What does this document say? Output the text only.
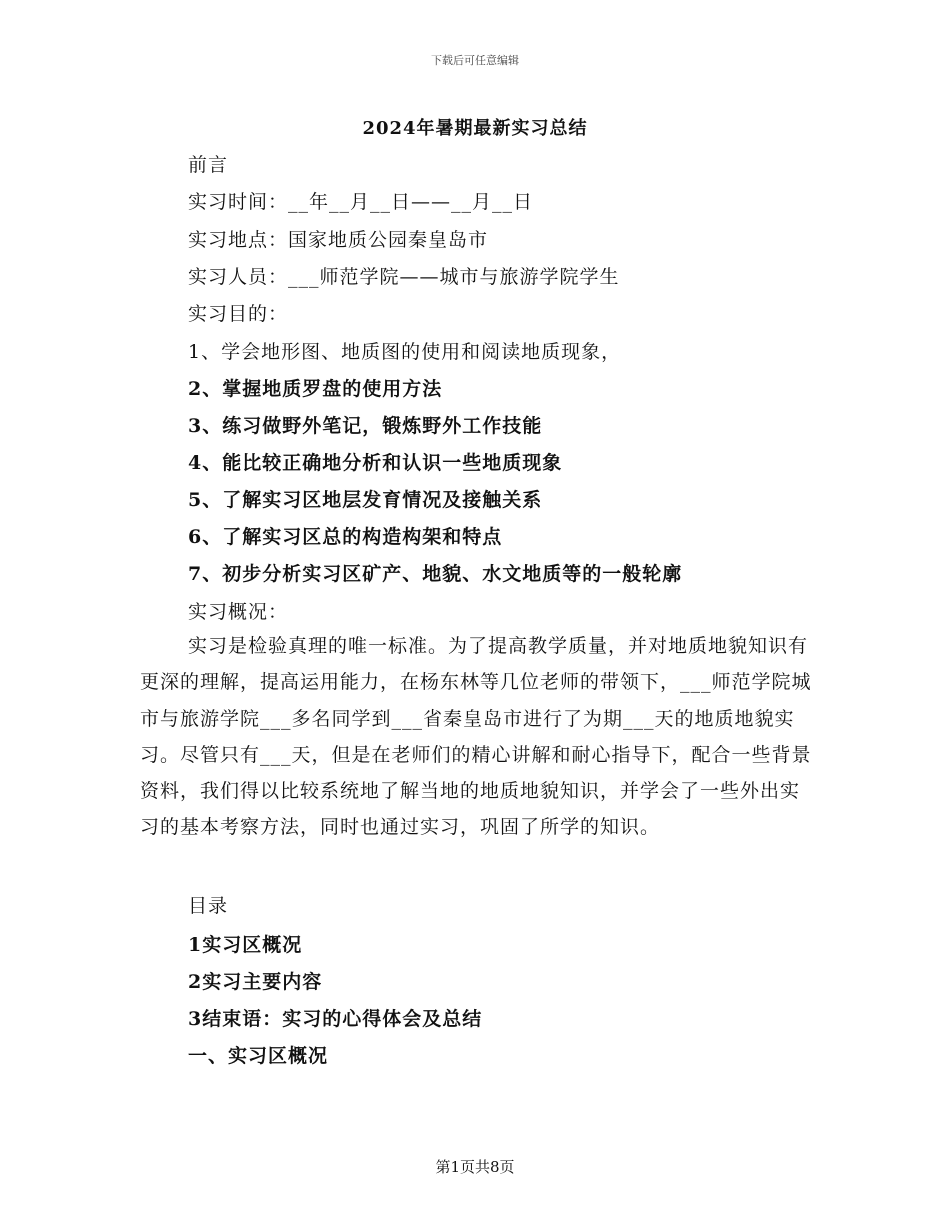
下载后可任意编辑
2024年暑期最新实习总结
前言
实习时间：__年__月__日——__月__日
实习地点：国家地质公园秦皇岛市
实习人员：___师范学院——城市与旅游学院学生
实习目的：
1、学会地形图、地质图的使用和阅读地质现象，
2、掌握地质罗盘的使用方法
3、练习做野外笔记，锻炼野外工作技能
4、能比较正确地分析和认识一些地质现象
5、了解实习区地层发育情况及接触关系
6、了解实习区总的构造构架和特点
7、初步分析实习区矿产、地貌、水文地质等的一般轮廓
实习概况：

实习是检验真理的唯一标准。为了提高教学质量，并对地质地貌知识有更深的理解，提高运用能力，在杨东林等几位老师的带领下，___师范学院城市与旅游学院___多名同学到___省秦皇岛市进行了为期___天的地质地貌实习。尽管只有___天，但是在老师们的精心讲解和耐心指导下，配合一些背景资料，我们得以比较系统地了解当地的地质地貌知识，并学会了一些外出实习的基本考察方法，同时也通过实习，巩固了所学的知识。

目录
1实习区概况
2实习主要内容
3结束语：实习的心得体会及总结
一、实习区概况
第1页共8页
